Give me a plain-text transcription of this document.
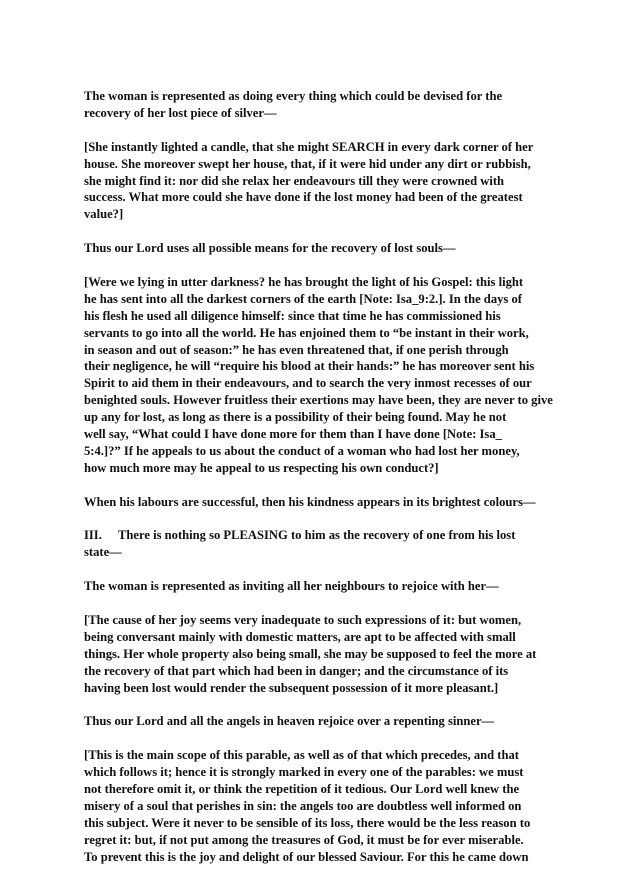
The woman is represented as doing every thing which could be devised for the
recovery of her lost piece of silver—

[She instantly lighted a candle, that she might SEARCH in every dark corner of her
house. She moreover swept her house, that, if it were hid under any dirt or rubbish,
she might find it: nor did she relax her endeavours till they were crowned with
success. What more could she have done if the lost money had been of the greatest
value?]

Thus our Lord uses all possible means for the recovery of lost souls—

[Were we lying in utter darkness? he has brought the light of his Gospel: this light
he has sent into all the darkest corners of the earth [Note: Isa_9:2.]. In the days of
his flesh he used all diligence himself: since that time he has commissioned his
servants to go into all the world. He has enjoined them to “be instant in their work,
in season and out of season:” he has even threatened that, if one perish through
their negligence, he will “require his blood at their hands:” he has moreover sent his
Spirit to aid them in their endeavours, and to search the very inmost recesses of our
benighted souls. However fruitless their exertions may have been, they are never to give
up any for lost, as long as there is a possibility of their being found. May he not
well say, “What could I have done more for them than I have done [Note: Isa_
5:4.]?” If he appeals to us about the conduct of a woman who had lost her money,
how much more may he appeal to us respecting his own conduct?]

When his labours are successful, then his kindness appears in its brightest colours—

III. There is nothing so PLEASING to him as the recovery of one from his lost
state—

The woman is represented as inviting all her neighbours to rejoice with her—

[The cause of her joy seems very inadequate to such expressions of it: but women,
being conversant mainly with domestic matters, are apt to be affected with small
things. Her whole property also being small, she may be supposed to feel the more at
the recovery of that part which had been in danger; and the circumstance of its
having been lost would render the subsequent possession of it more pleasant.]

Thus our Lord and all the angels in heaven rejoice over a repenting sinner—

[This is the main scope of this parable, as well as of that which precedes, and that
which follows it; hence it is strongly marked in every one of the parables: we must
not therefore omit it, or think the repetition of it tedious. Our Lord well knew the
misery of a soul that perishes in sin: the angels too are doubtless well informed on
this subject. Were it never to be sensible of its loss, there would be the less reason to
regret it: but, if not put among the treasures of God, it must be for ever miserable.
To prevent this is the joy and delight of our blessed Saviour. For this he came down
